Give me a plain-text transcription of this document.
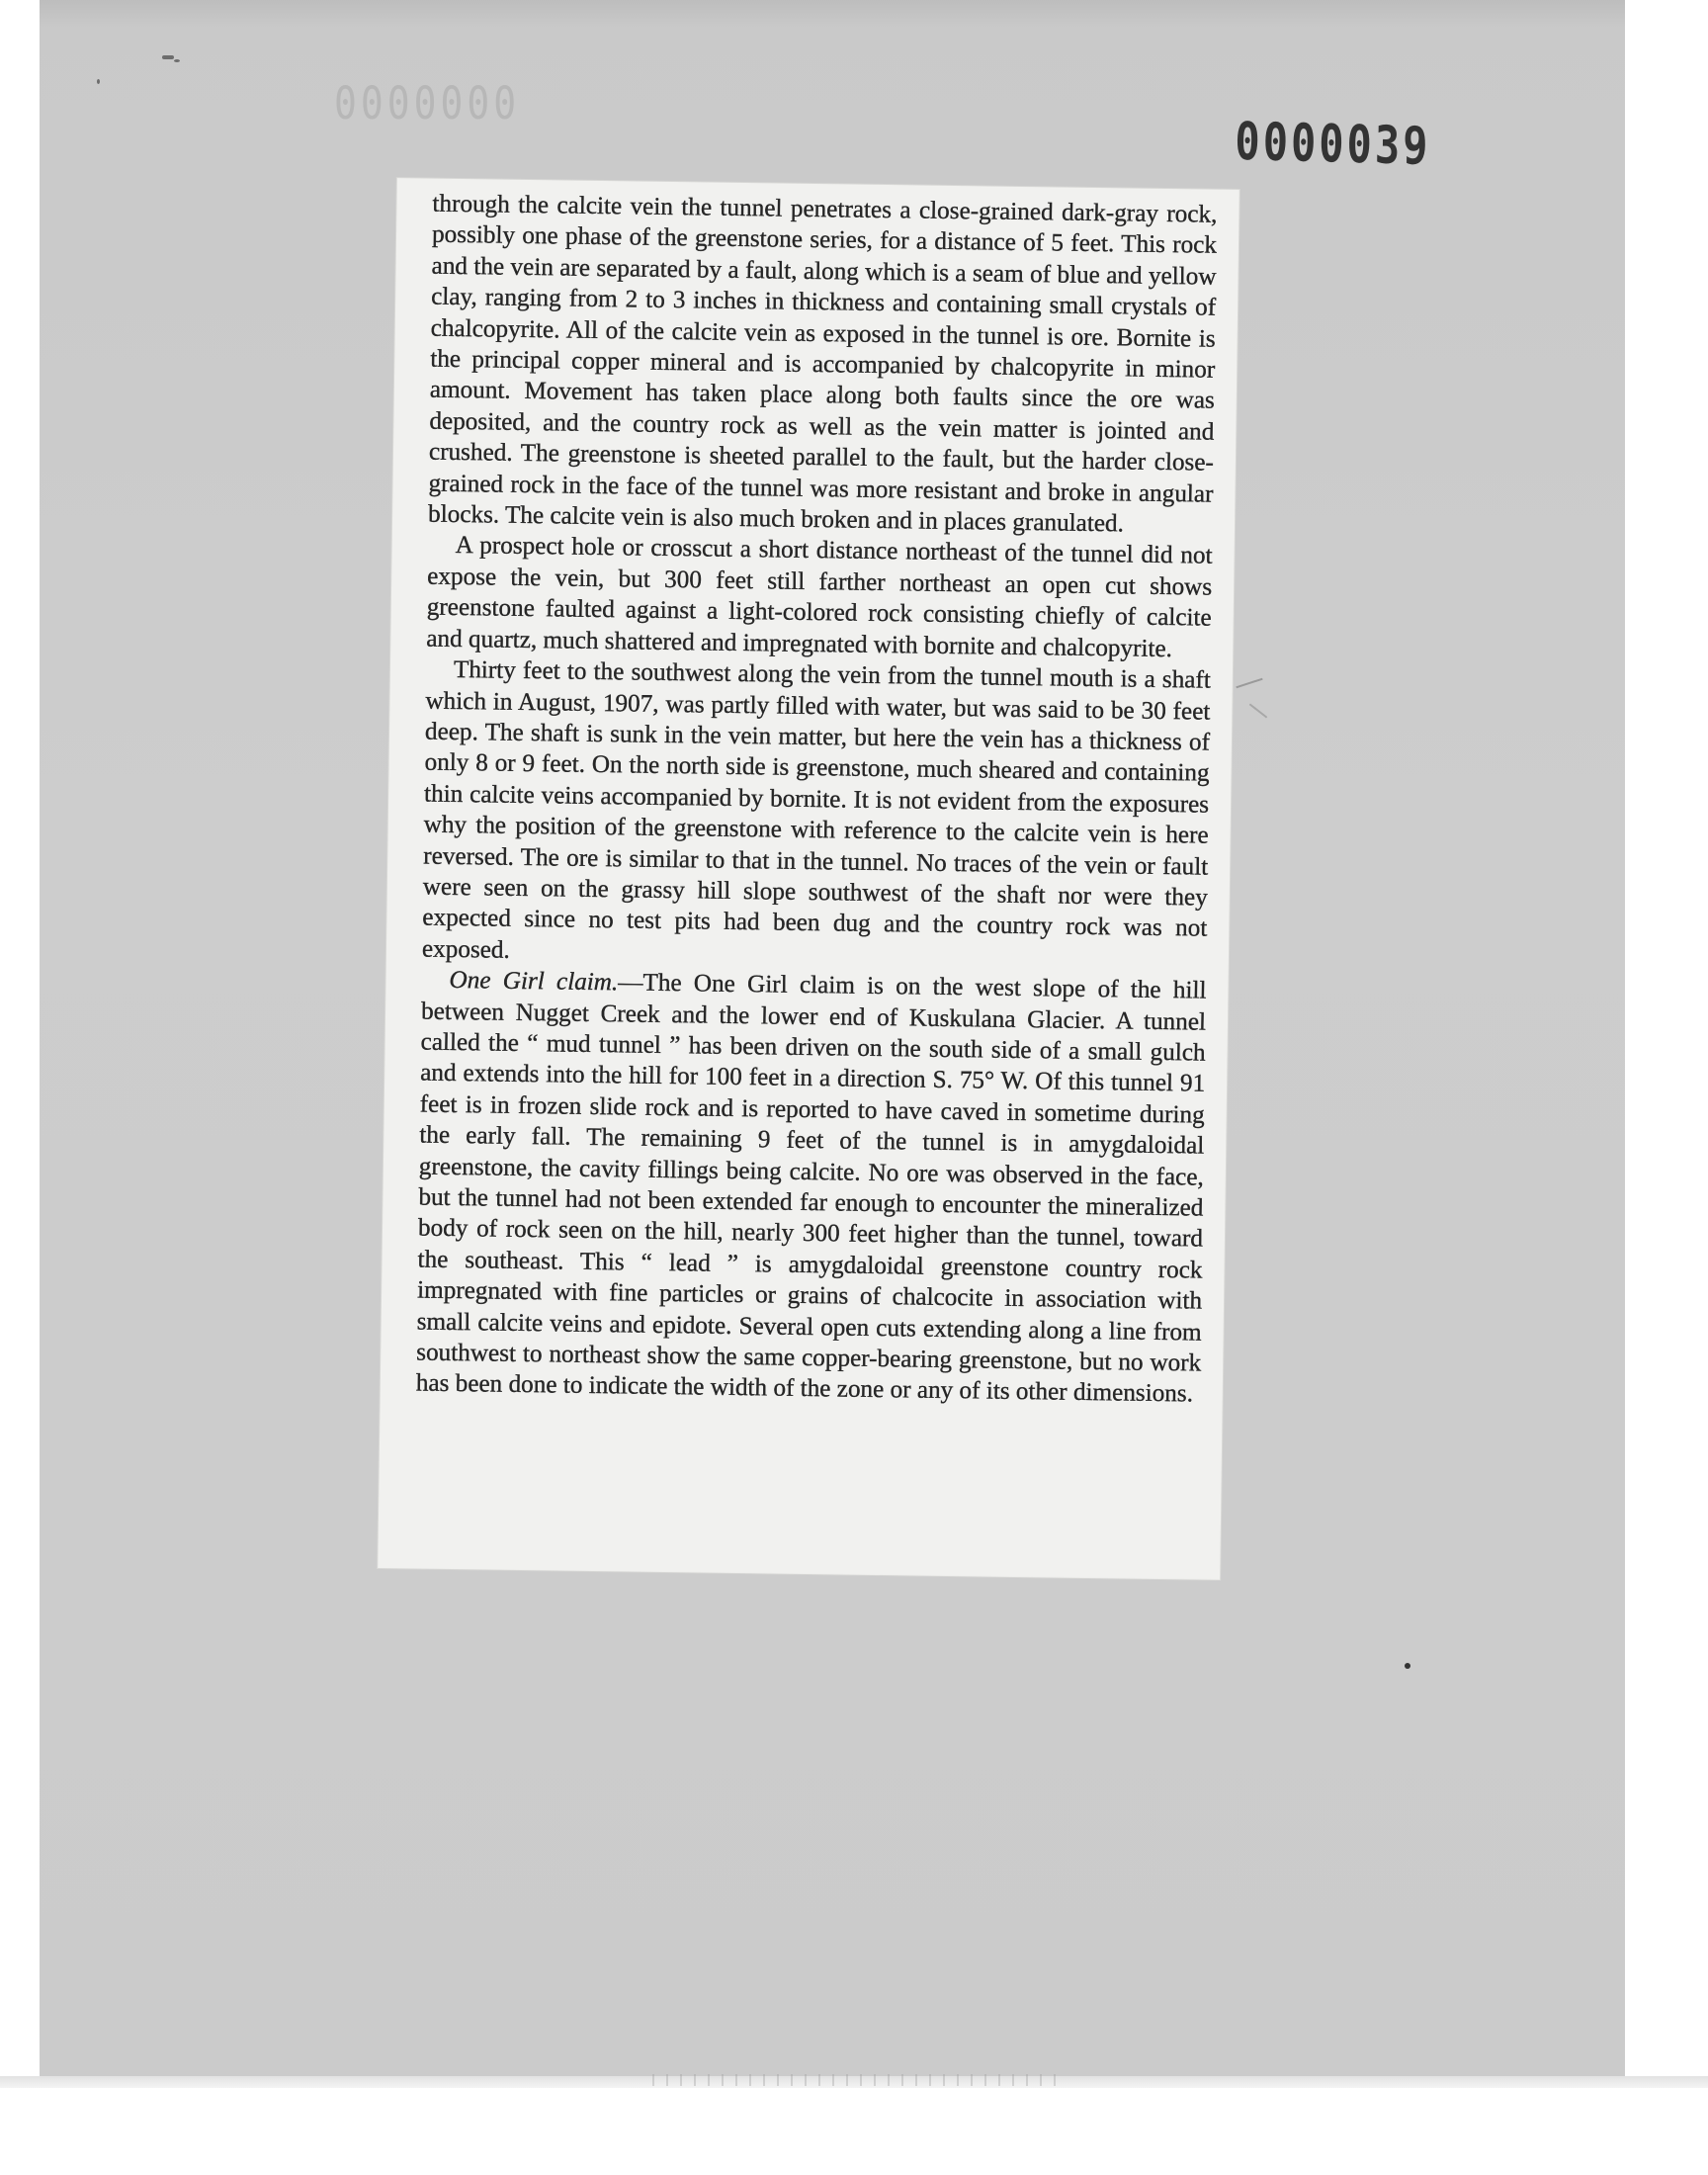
0000000
0000039

through the calcite vein the tunnel penetrates a close-grained dark-gray rock, possibly one phase of the greenstone series, for a distance of 5 feet. This rock and the vein are separated by a fault, along which is a seam of blue and yellow clay, ranging from 2 to 3 inches in thickness and containing small crystals of chalcopyrite. All of the calcite vein as exposed in the tunnel is ore. Bornite is the principal copper mineral and is accompanied by chalcopyrite in minor amount. Movement has taken place along both faults since the ore was deposited, and the country rock as well as the vein matter is jointed and crushed. The greenstone is sheeted parallel to the fault, but the harder close-grained rock in the face of the tunnel was more resistant and broke in angular blocks. The calcite vein is also much broken and in places granulated.

A prospect hole or crosscut a short distance northeast of the tunnel did not expose the vein, but 300 feet still farther northeast an open cut shows greenstone faulted against a light-colored rock consisting chiefly of calcite and quartz, much shattered and impregnated with bornite and chalcopyrite.

Thirty feet to the southwest along the vein from the tunnel mouth is a shaft which in August, 1907, was partly filled with water, but was said to be 30 feet deep. The shaft is sunk in the vein matter, but here the vein has a thickness of only 8 or 9 feet. On the north side is greenstone, much sheared and containing thin calcite veins accompanied by bornite. It is not evident from the exposures why the position of the greenstone with reference to the calcite vein is here reversed. The ore is similar to that in the tunnel. No traces of the vein or fault were seen on the grassy hill slope southwest of the shaft nor were they expected since no test pits had been dug and the country rock was not exposed.

One Girl claim.—The One Girl claim is on the west slope of the hill between Nugget Creek and the lower end of Kuskulana Glacier. A tunnel called the “ mud tunnel ” has been driven on the south side of a small gulch and extends into the hill for 100 feet in a direction S. 75° W. Of this tunnel 91 feet is in frozen slide rock and is reported to have caved in sometime during the early fall. The remaining 9 feet of the tunnel is in amygdaloidal greenstone, the cavity fillings being calcite. No ore was observed in the face, but the tunnel had not been extended far enough to encounter the mineralized body of rock seen on the hill, nearly 300 feet higher than the tunnel, toward the southeast. This “ lead ” is amygdaloidal greenstone country rock impregnated with fine particles or grains of chalcocite in association with small calcite veins and epidote. Several open cuts extending along a line from southwest to northeast show the same copper-bearing greenstone, but no work has been done to indicate the width of the zone or any of its other dimensions.
